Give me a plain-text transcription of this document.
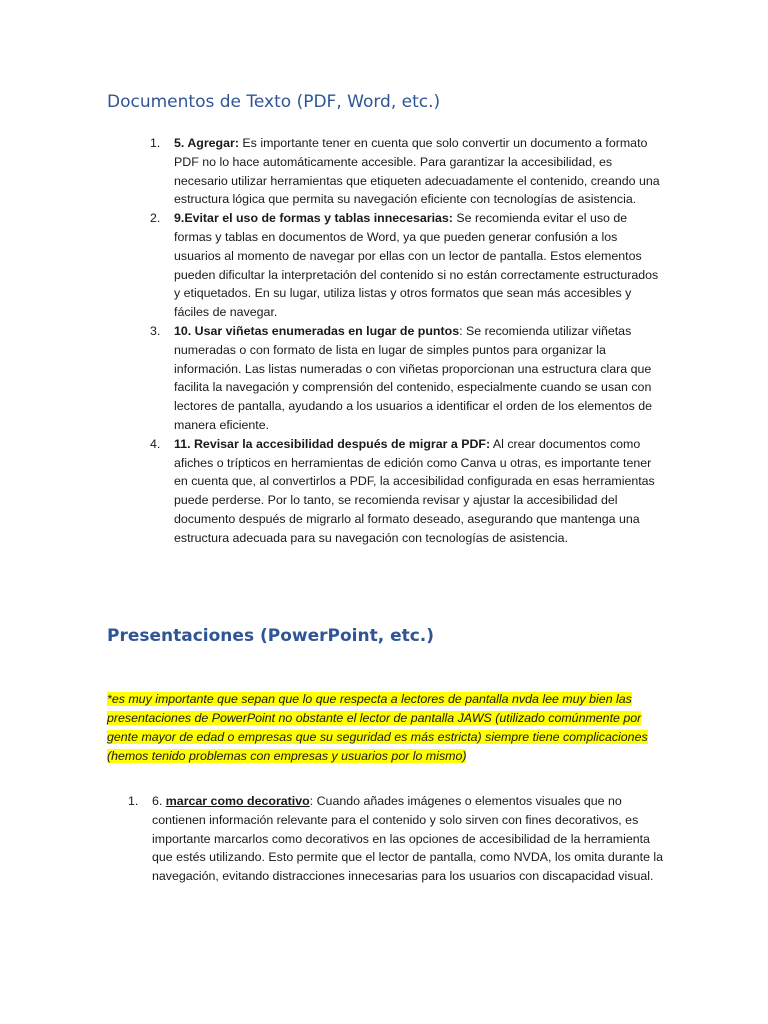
Documentos de Texto (PDF, Word, etc.)
1. 5. Agregar: Es importante tener en cuenta que solo convertir un documento a formato PDF no lo hace automáticamente accesible. Para garantizar la accesibilidad, es necesario utilizar herramientas que etiqueten adecuadamente el contenido, creando una estructura lógica que permita su navegación eficiente con tecnologías de asistencia.
2. 9.Evitar el uso de formas y tablas innecesarias: Se recomienda evitar el uso de formas y tablas en documentos de Word, ya que pueden generar confusión a los usuarios al momento de navegar por ellas con un lector de pantalla. Estos elementos pueden dificultar la interpretación del contenido si no están correctamente estructurados y etiquetados. En su lugar, utiliza listas y otros formatos que sean más accesibles y fáciles de navegar.
3. 10. Usar viñetas enumeradas en lugar de puntos: Se recomienda utilizar viñetas numeradas o con formato de lista en lugar de simples puntos para organizar la información. Las listas numeradas o con viñetas proporcionan una estructura clara que facilita la navegación y comprensión del contenido, especialmente cuando se usan con lectores de pantalla, ayudando a los usuarios a identificar el orden de los elementos de manera eficiente.
4. 11. Revisar la accesibilidad después de migrar a PDF: Al crear documentos como afiches o trípticos en herramientas de edición como Canva u otras, es importante tener en cuenta que, al convertirlos a PDF, la accesibilidad configurada en esas herramientas puede perderse. Por lo tanto, se recomienda revisar y ajustar la accesibilidad del documento después de migrarlo al formato deseado, asegurando que mantenga una estructura adecuada para su navegación con tecnologías de asistencia.
Presentaciones (PowerPoint, etc.)

*es muy importante que sepan que lo que respecta a lectores de pantalla nvda lee muy bien las presentaciones de PowerPoint no obstante el lector de pantalla JAWS (utilizado comúnmente por gente mayor de edad o empresas que su seguridad es más estricta) siempre tiene complicaciones (hemos tenido problemas con empresas y usuarios por lo mismo)

1. 6. marcar como decorativo: Cuando añades imágenes o elementos visuales que no contienen información relevante para el contenido y solo sirven con fines decorativos, es importante marcarlos como decorativos en las opciones de accesibilidad de la herramienta que estés utilizando. Esto permite que el lector de pantalla, como NVDA, los omita durante la navegación, evitando distracciones innecesarias para los usuarios con discapacidad visual.
